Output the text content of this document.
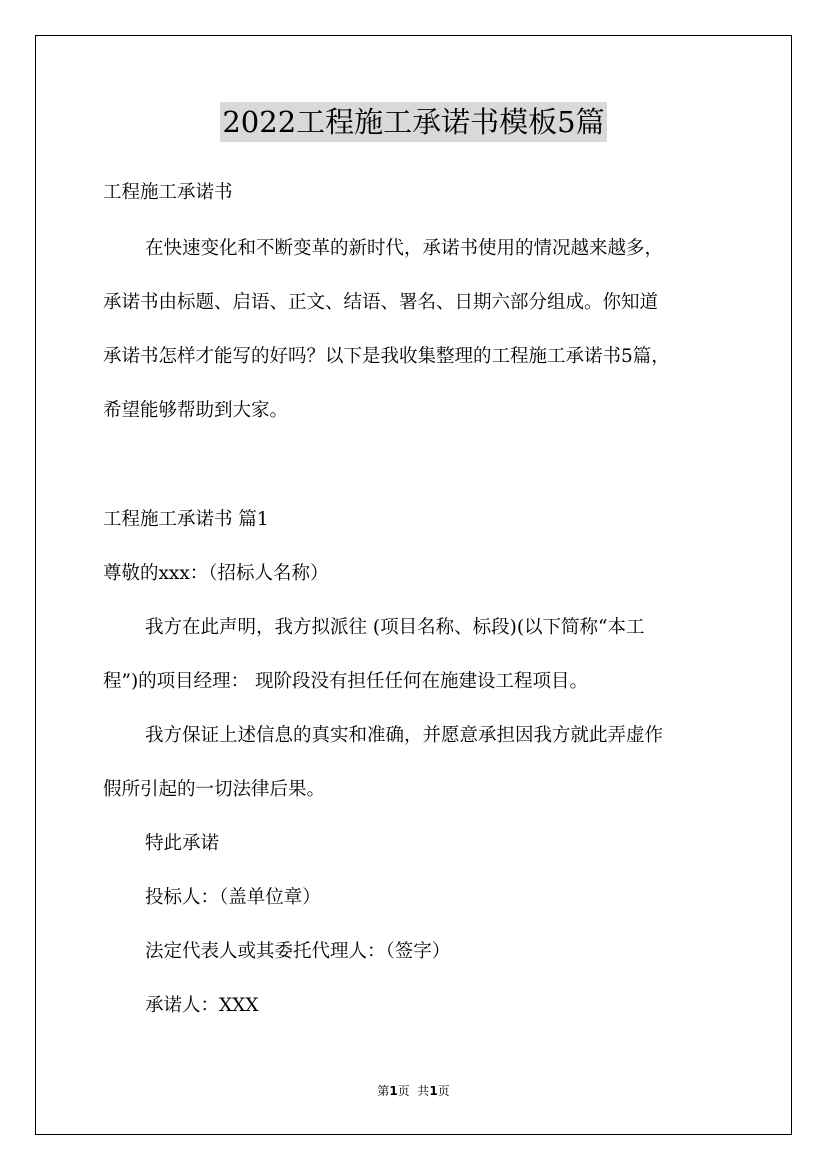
2022工程施工承诺书模板5篇
工程施工承诺书
在快速变化和不断变革的新时代，承诺书使用的情况越来越多，
承诺书由标题、启语、正文、结语、署名、日期六部分组成。你知道
承诺书怎样才能写的好吗？以下是我收集整理的工程施工承诺书5篇，
希望能够帮助到大家。
工程施工承诺书 篇1
尊敬的xxx：（招标人名称）
我方在此声明，我方拟派往 (项目名称、标段)(以下简称“本工
程”)的项目经理： 现阶段没有担任任何在施建设工程项目。
我方保证上述信息的真实和准确，并愿意承担因我方就此弄虚作
假所引起的一切法律后果。
特此承诺
投标人：（盖单位章）
法定代表人或其委托代理人：（签字）
承诺人：XXX
第1页  共1页
